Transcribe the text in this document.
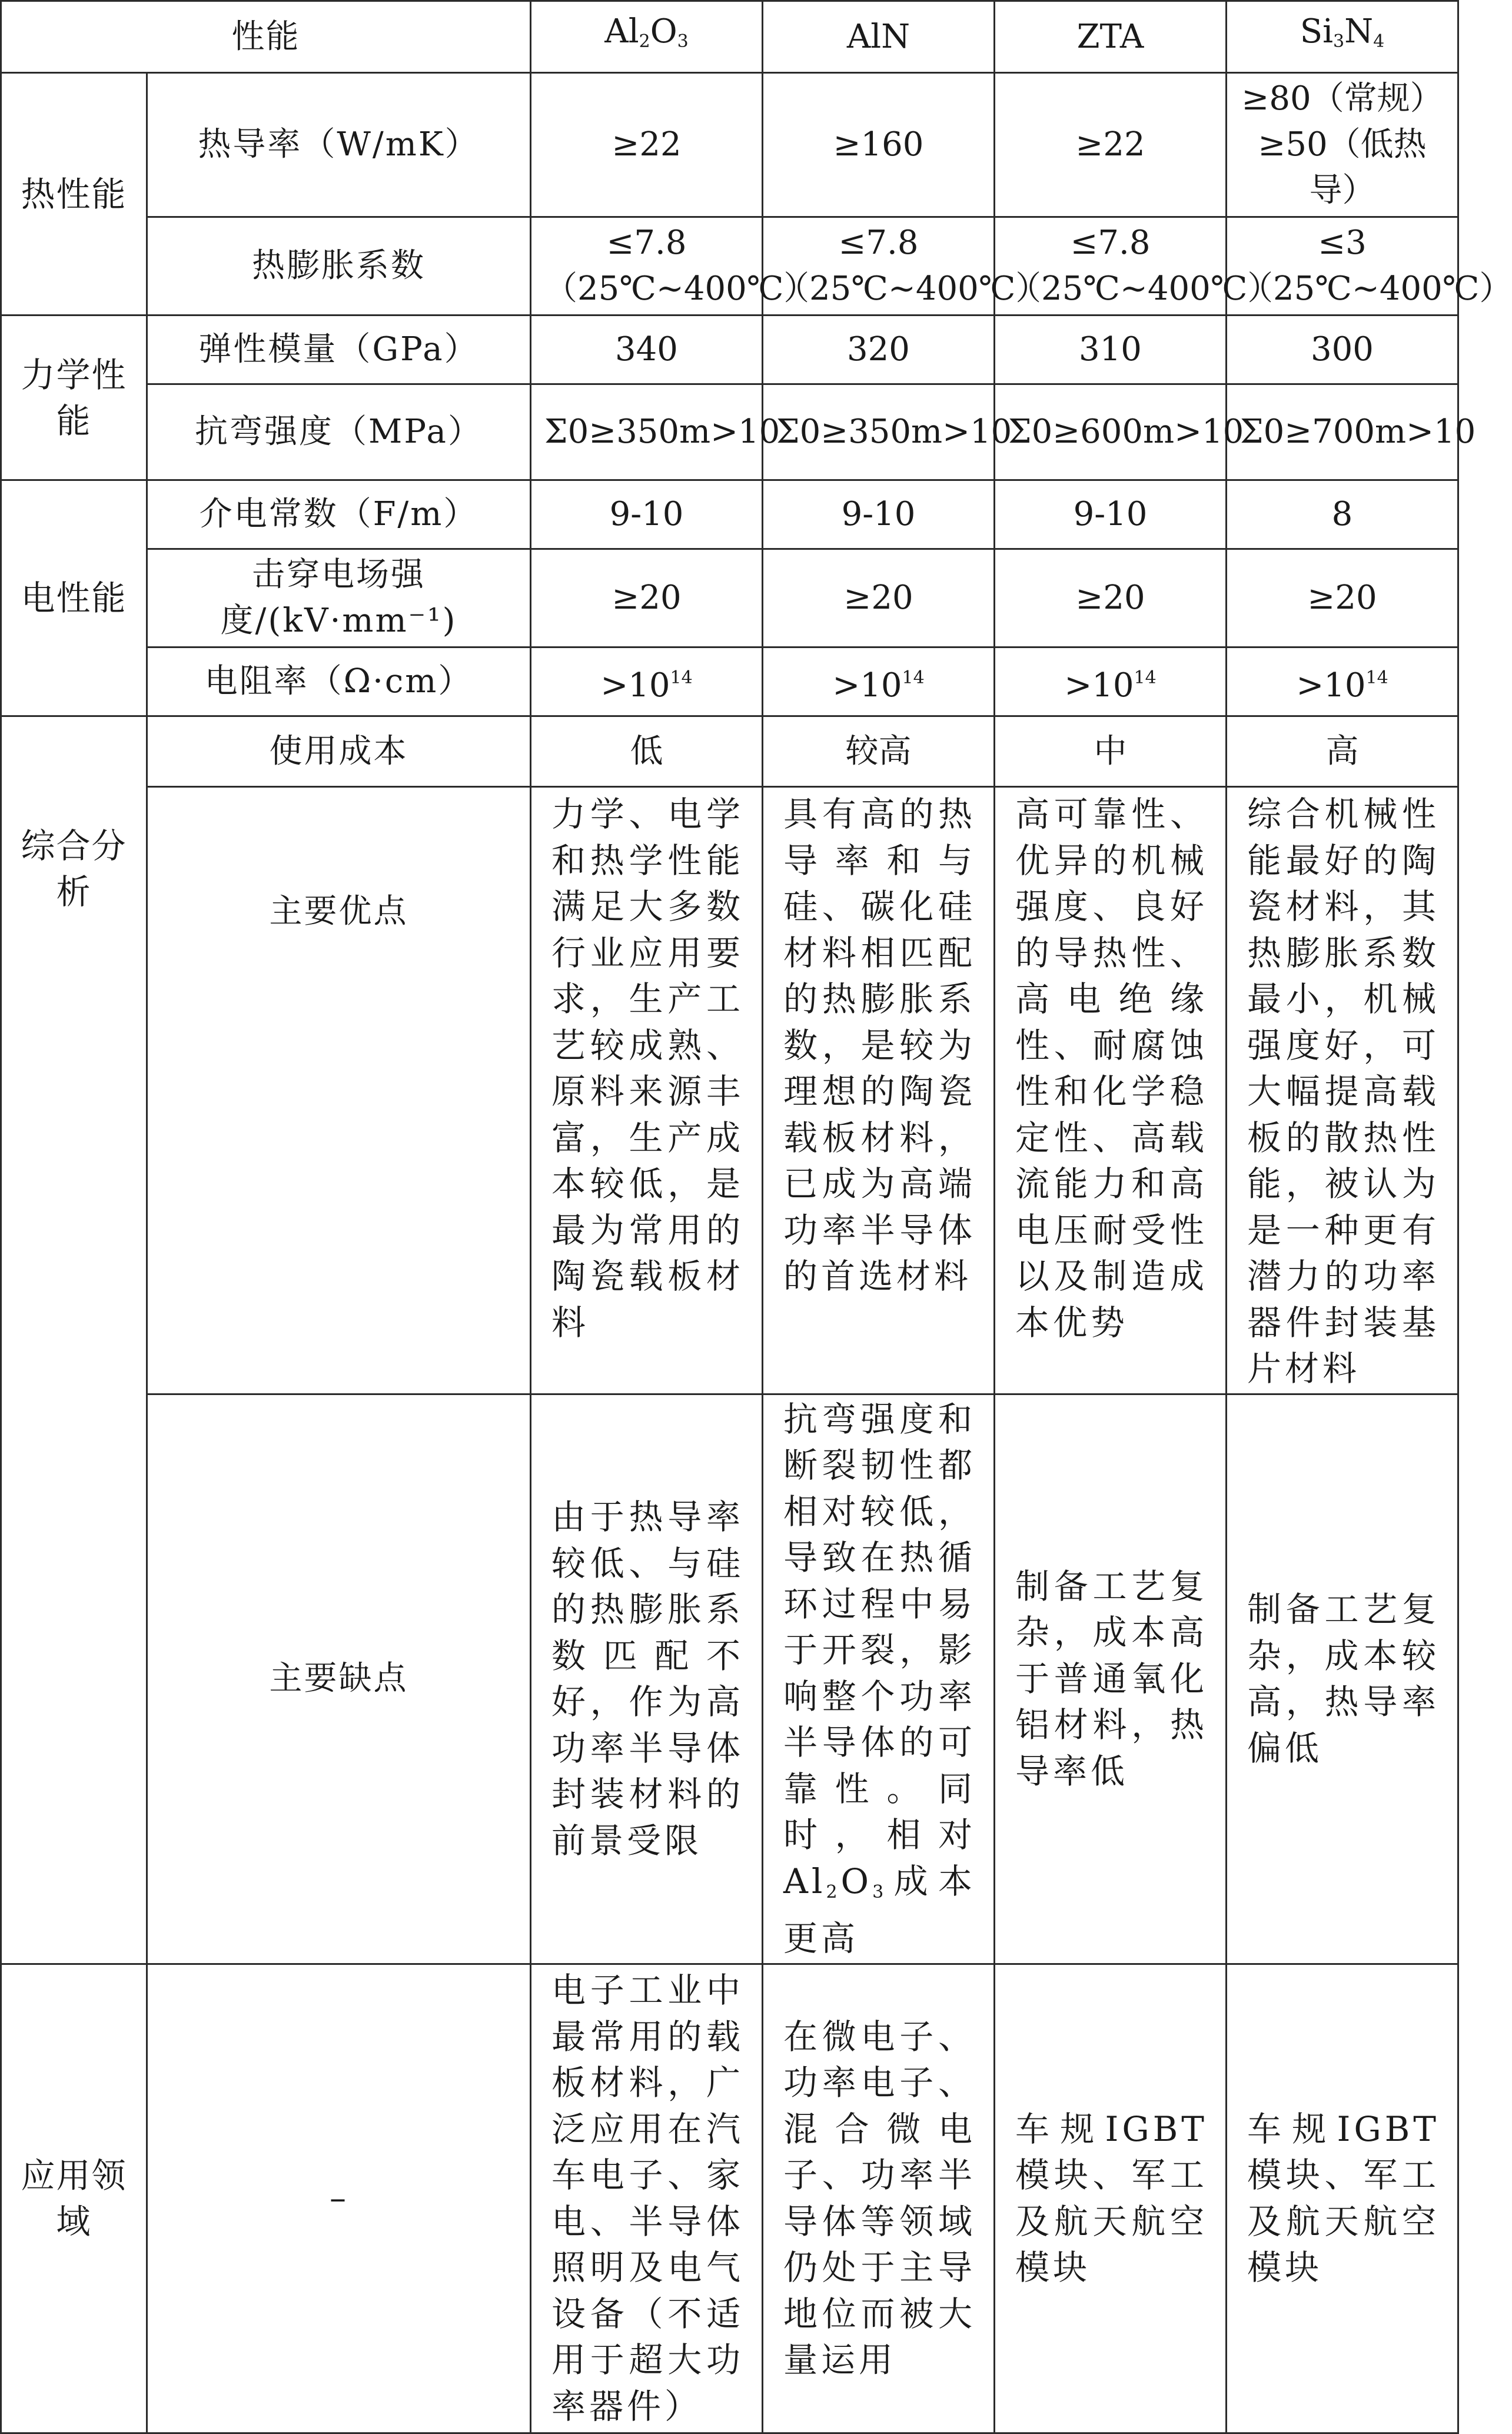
性能		$Al_2O_3$	AlN	ZTA	$Si_3N_4$
热性能	热导率（W/mK）	≥22	≥160	≥22	≥80（常规）≥50（低热导）
	热膨胀系数	≤7.8（25℃~400℃）	≤7.8（25℃~400℃）	≤7.8（25℃~400℃）	≤3（25℃~400℃）
力学性能	弹性模量（GPa）	340	320	310	300
	抗弯强度（MPa）	Σ0≥350m>10	Σ0≥350m>10	Σ0≥600m>10	Σ0≥700m>10
电性能	介电常数（F/m）	9-10	9-10	9-10	8
	击穿电场强度/(kV·mm⁻¹)	≥20	≥20	≥20	≥20
	电阻率（Ω·cm）	$>10^{14}$	$>10^{14}$	$>10^{14}$	$>10^{14}$
综合分析	使用成本	低	较高	中	高
	主要优点	力学、电学和热学性能满足大多数行业应用要求，生产工艺较成熟、原料来源丰富，生产成本较低，是最为常用的陶瓷载板材料	具有高的热导率和与硅、碳化硅材料相匹配的热膨胀系数，是较为理想的陶瓷载板材料，已成为高端功率半导体的首选材料	高可靠性、优异的机械强度、良好的导热性、高电绝缘性、耐腐蚀性和化学稳定性、高载流能力和高电压耐受性以及制造成本优势	综合机械性能最好的陶瓷材料，其热膨胀系数最小，机械强度好，可大幅提高载板的散热性能，被认为是一种更有潜力的功率器件封装基片材料
	主要缺点	由于热导率较低、与硅的热膨胀系数匹配不好，作为高功率半导体封装材料的前景受限	抗弯强度和断裂韧性都相对较低，导致在热循环过程中易于开裂，影响整个功率半导体的可靠性。同时，相对$Al_2O_3$成本更高	制备工艺复杂，成本高于普通氧化铝材料，热导率低	制备工艺复杂，成本较高，热导率偏低
应用领域	–	电子工业中最常用的载板材料，广泛应用在汽车电子、家电、半导体照明及电气设备（不适用于超大功率器件）	在微电子、功率电子、混合微电子、功率半导体等领域仍处于主导地位而被大量运用	车规IGBT模块、军工及航天航空模块	车规IGBT模块、军工及航天航空模块
